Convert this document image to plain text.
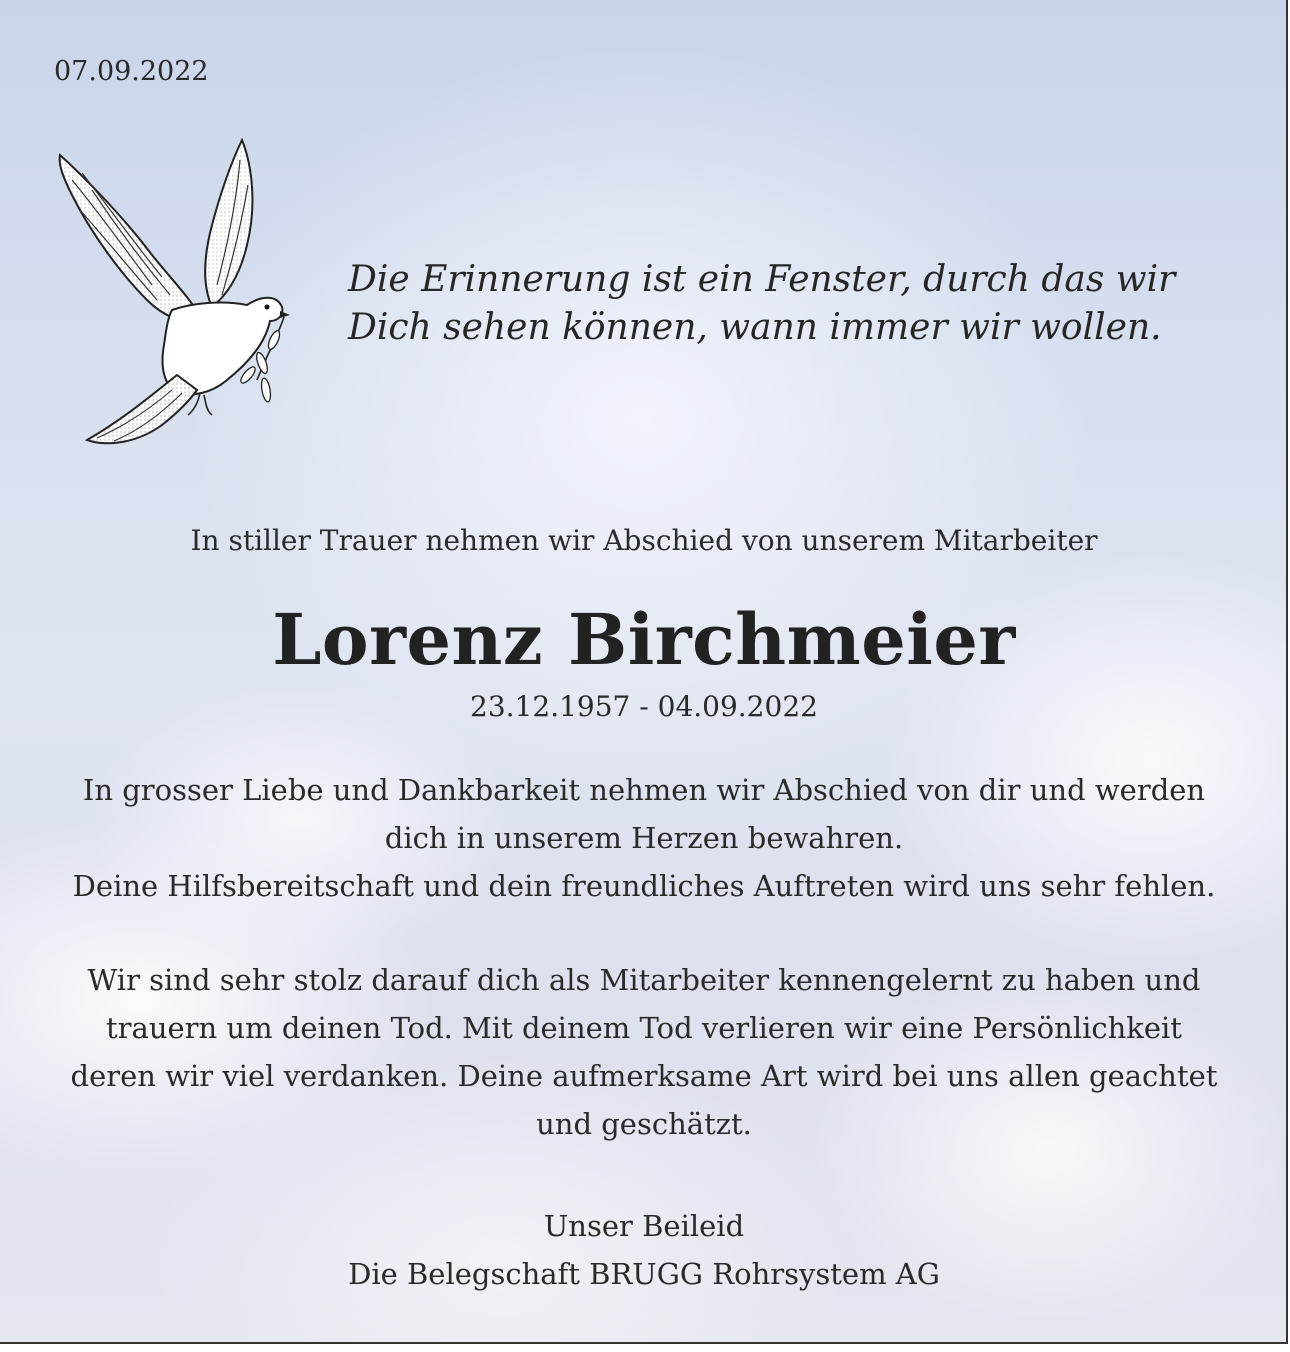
07.09.2022
Die Erinnerung ist ein Fenster, durch das wir
Dich sehen können, wann immer wir wollen.
In stiller Trauer nehmen wir Abschied von unserem Mitarbeiter
Lorenz Birchmeier
23.12.1957 - 04.09.2022
In grosser Liebe und Dankbarkeit nehmen wir Abschied von dir und werden
dich in unserem Herzen bewahren.
Deine Hilfsbereitschaft und dein freundliches Auftreten wird uns sehr fehlen.
Wir sind sehr stolz darauf dich als Mitarbeiter kennengelernt zu haben und
trauern um deinen Tod. Mit deinem Tod verlieren wir eine Persönlichkeit
deren wir viel verdanken. Deine aufmerksame Art wird bei uns allen geachtet
und geschätzt.
Unser Beileid
Die Belegschaft BRUGG Rohrsystem AG
